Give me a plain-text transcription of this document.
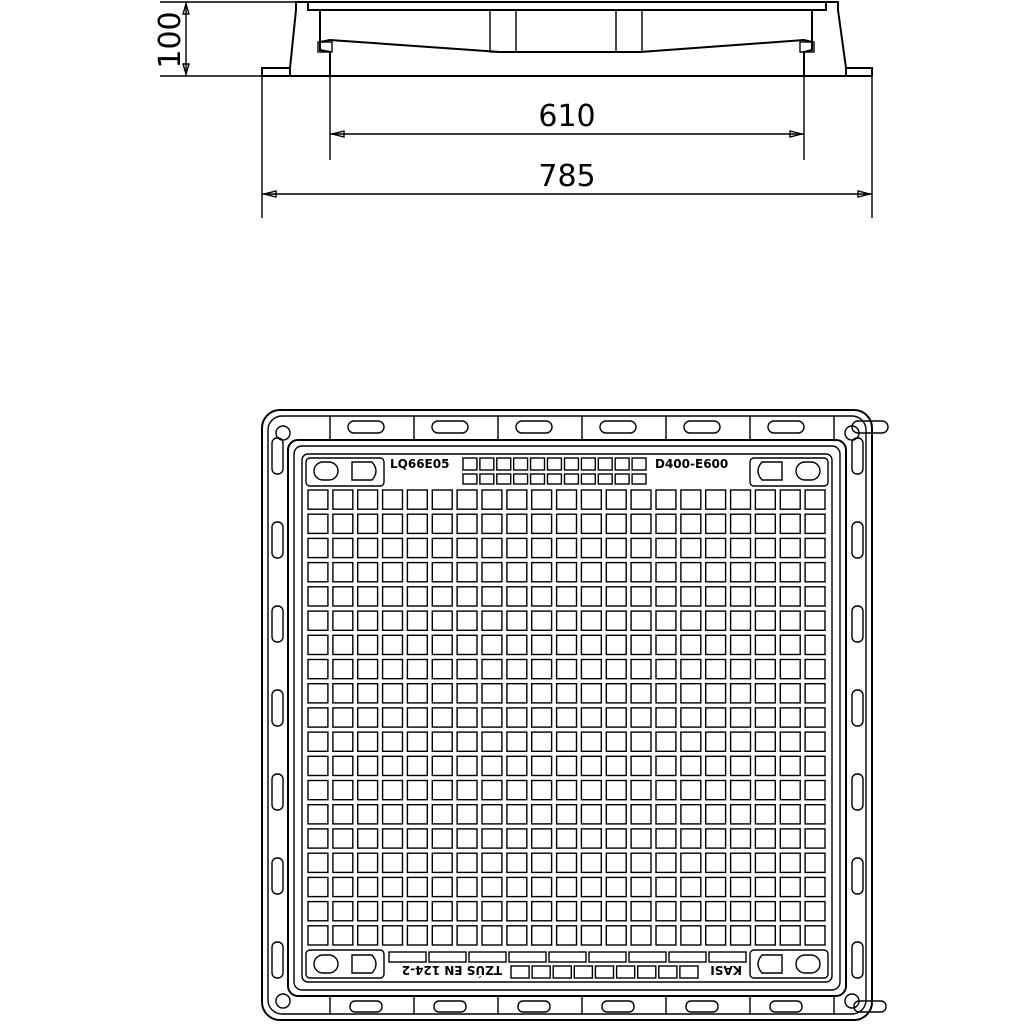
100
610
785
LQ66E05	D400-E600
TZÚS EN 124-2	KASI
